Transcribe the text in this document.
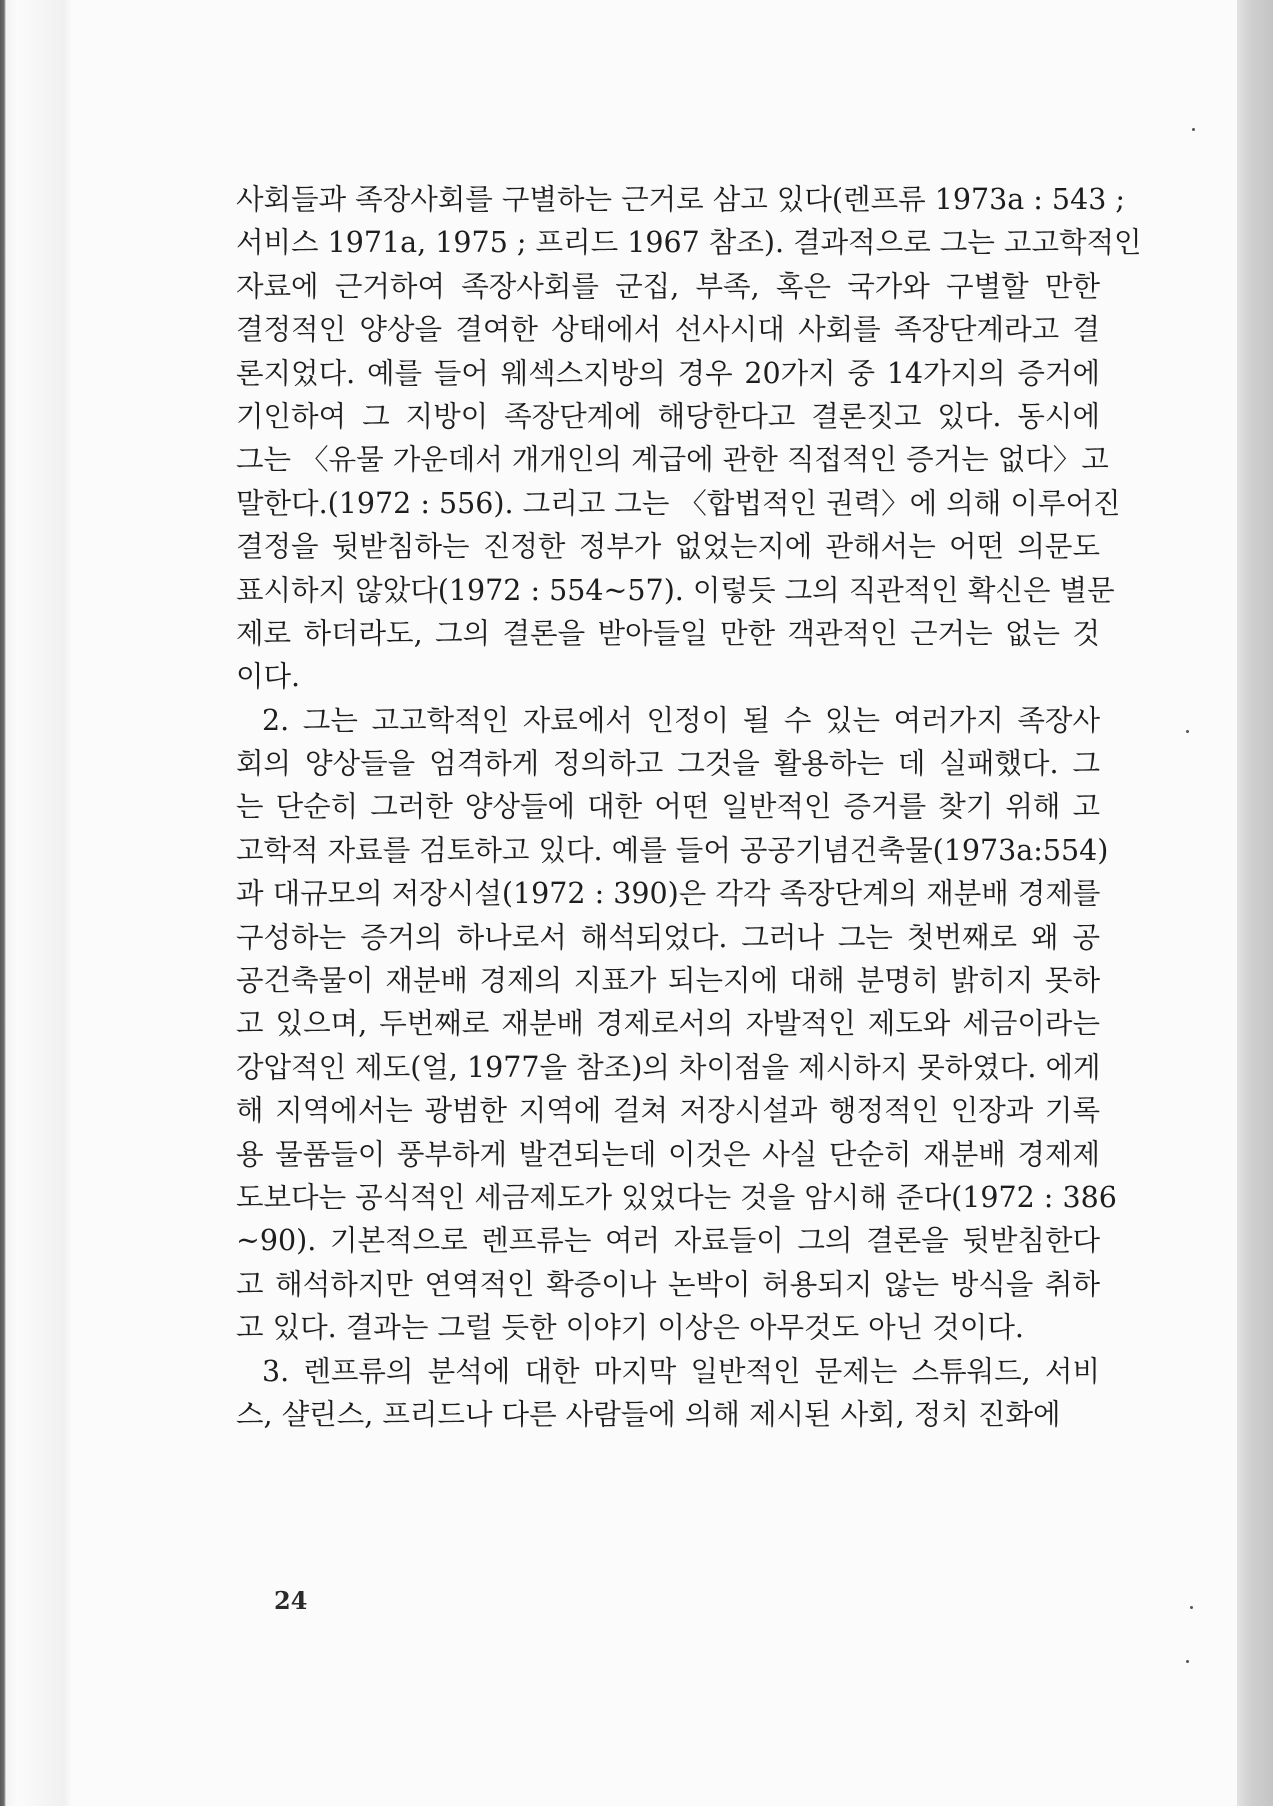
사회들과 족장사회를 구별하는 근거로 삼고 있다(렌프류 1973a : 543 ;
서비스 1971a, 1975 ; 프리드 1967 참조). 결과적으로 그는 고고학적인
자료에 근거하여 족장사회를 군집, 부족, 혹은 국가와 구별할 만한
결정적인 양상을 결여한 상태에서 선사시대 사회를 족장단계라고 결
론지었다. 예를 들어 웨섹스지방의 경우 20가지 중 14가지의 증거에
기인하여 그 지방이 족장단계에 해당한다고 결론짓고 있다. 동시에
그는 〈유물 가운데서 개개인의 계급에 관한 직접적인 증거는 없다〉고
말한다.(1972 : 556). 그리고 그는 〈합법적인 권력〉에 의해 이루어진
결정을 뒷받침하는 진정한 정부가 없었는지에 관해서는 어떤 의문도
표시하지 않았다(1972 : 554~57). 이렇듯 그의 직관적인 확신은 별문
제로 하더라도, 그의 결론을 받아들일 만한 객관적인 근거는 없는 것
이다.
2. 그는 고고학적인 자료에서 인정이 될 수 있는 여러가지 족장사
회의 양상들을 엄격하게 정의하고 그것을 활용하는 데 실패했다. 그
는 단순히 그러한 양상들에 대한 어떤 일반적인 증거를 찾기 위해 고
고학적 자료를 검토하고 있다. 예를 들어 공공기념건축물(1973a:554)
과 대규모의 저장시설(1972 : 390)은 각각 족장단계의 재분배 경제를
구성하는 증거의 하나로서 해석되었다. 그러나 그는 첫번째로 왜 공
공건축물이 재분배 경제의 지표가 되는지에 대해 분명히 밝히지 못하
고 있으며, 두번째로 재분배 경제로서의 자발적인 제도와 세금이라는
강압적인 제도(얼, 1977을 참조)의 차이점을 제시하지 못하였다. 에게
해 지역에서는 광범한 지역에 걸쳐 저장시설과 행정적인 인장과 기록
용 물품들이 풍부하게 발견되는데 이것은 사실 단순히 재분배 경제제
도보다는 공식적인 세금제도가 있었다는 것을 암시해 준다(1972 : 386
~90). 기본적으로 렌프류는 여러 자료들이 그의 결론을 뒷받침한다
고 해석하지만 연역적인 확증이나 논박이 허용되지 않는 방식을 취하
고 있다. 결과는 그럴 듯한 이야기 이상은 아무것도 아닌 것이다.
3. 렌프류의 분석에 대한 마지막 일반적인 문제는 스튜워드, 서비
스, 샬린스, 프리드나 다른 사람들에 의해 제시된 사회, 정치 진화에
24
